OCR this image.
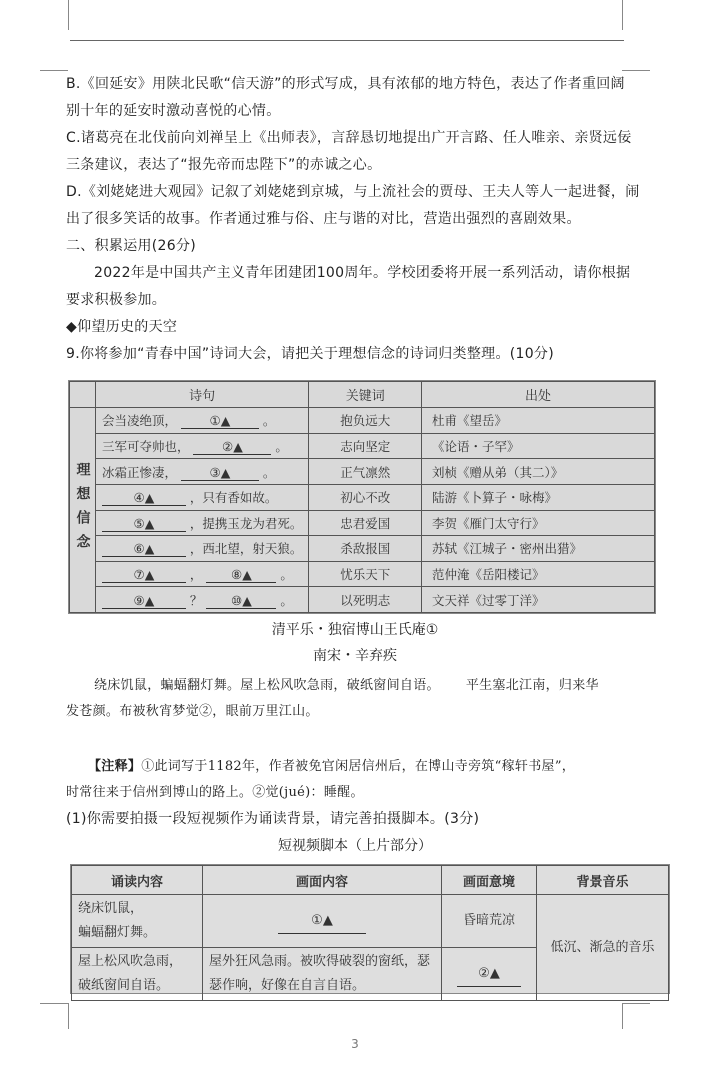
B.《回延安》用陕北民歌“信天游”的形式写成，具有浓郁的地方特色，表达了作者重回阔
别十年的延安时激动喜悦的心情。
C.诸葛亮在北伐前向刘禅呈上《出师表》，言辞恳切地提出广开言路、任人唯亲、亲贤远佞
三条建议，表达了“报先帝而忠陛下”的赤诚之心。
D.《刘姥姥进大观园》记叙了刘姥姥到京城，与上流社会的贾母、王夫人等人一起进餐，闹
出了很多笑话的故事。作者通过雅与俗、庄与谐的对比，营造出强烈的喜剧效果。
二、积累运用(26分)
2022年是中国共产主义青年团建团100周年。学校团委将开展一系列活动，请你根据
要求积极参加。
◆仰望历史的天空
9.你将参加“青春中国”诗词大会，请把关于理想信念的诗词归类整理。(10分)
	诗句	关键词	出处
理想信念	会当凌绝顶， ①▲ 。	抱负远大	杜甫《望岳》
	三军可夺帅也， ②▲ 。	志向坚定	《论语・子罕》
	冰霜正惨凄， ③▲ 。	正气凛然	刘桢《赠从弟（其二）》
	④▲ ，只有香如故。	初心不改	陆游《卜算子・咏梅》
	⑤▲ ，提携玉龙为君死。	忠君爱国	李贺《雁门太守行》
	⑥▲ ，西北望，射天狼。	杀敌报国	苏轼《江城子・密州出猎》
	⑦▲ ， ⑧▲ 。	忧乐天下	范仲淹《岳阳楼记》
	⑨▲ ？ ⑩▲ 。	以死明志	文天祥《过零丁洋》
清平乐・独宿博山王氏庵①
南宋・辛弃疾
绕床饥鼠，蝙蝠翻灯舞。屋上松风吹急雨，破纸窗间自语。 平生塞北江南，归来华
发苍颜。布被秋宵梦觉②，眼前万里江山。
【注释】①此词写于1182年，作者被免官闲居信州后，在博山寺旁筑“稼轩书屋”，
时常往来于信州到博山的路上。②觉(jué)：睡醒。
(1)你需要拍摄一段短视频作为诵读背景，请完善拍摄脚本。(3分)
短视频脚本（上片部分）
诵读内容	画面内容	画面意境	背景音乐
绕床饥鼠，
蝙蝠翻灯舞。	①▲	昏暗荒凉	低沉、渐急的音乐
屋上松风吹急雨，
破纸窗间自语。	屋外狂风急雨。被吹得破裂的窗纸，瑟瑟作响，好像在自言自语。	②▲	
3
